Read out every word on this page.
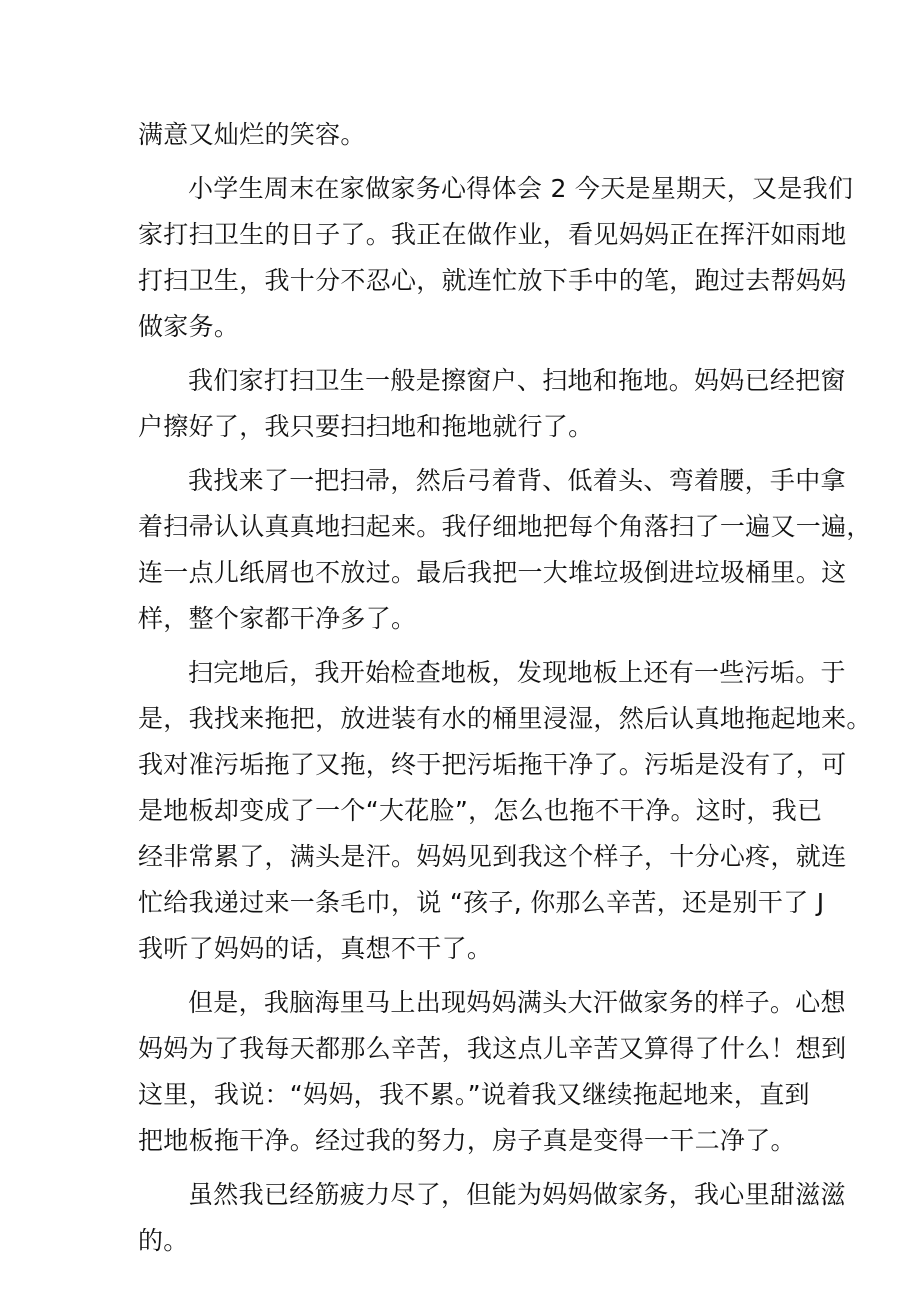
满意又灿烂的笑容。
小学生周末在家做家务心得体会 2 今天是星期天，又是我们
家打扫卫生的日子了。我正在做作业，看见妈妈正在挥汗如雨地
打扫卫生，我十分不忍心，就连忙放下手中的笔，跑过去帮妈妈
做家务。
我们家打扫卫生一般是擦窗户、扫地和拖地。妈妈已经把窗
户擦好了，我只要扫扫地和拖地就行了。
我找来了一把扫帚，然后弓着背、低着头、弯着腰，手中拿
着扫帚认认真真地扫起来。我仔细地把每个角落扫了一遍又一遍，
连一点儿纸屑也不放过。最后我把一大堆垃圾倒进垃圾桶里。这
样，整个家都干净多了。
扫完地后，我开始检查地板，发现地板上还有一些污垢。于
是，我找来拖把，放进装有水的桶里浸湿，然后认真地拖起地来。
我对准污垢拖了又拖，终于把污垢拖干净了。污垢是没有了，可
是地板却变成了一个“大花脸”，怎么也拖不干净。这时，我已
经非常累了，满头是汗。妈妈见到我这个样子，十分心疼，就连
忙给我递过来一条毛巾，说 “孩子, 你那么辛苦，还是别干了 J
我听了妈妈的话，真想不干了。
但是，我脑海里马上出现妈妈满头大汗做家务的样子。心想
妈妈为了我每天都那么辛苦，我这点儿辛苦又算得了什么！想到
这里，我说：“妈妈，我不累。”说着我又继续拖起地来，直到
把地板拖干净。经过我的努力，房子真是变得一干二净了。
虽然我已经筋疲力尽了，但能为妈妈做家务，我心里甜滋滋
的。
